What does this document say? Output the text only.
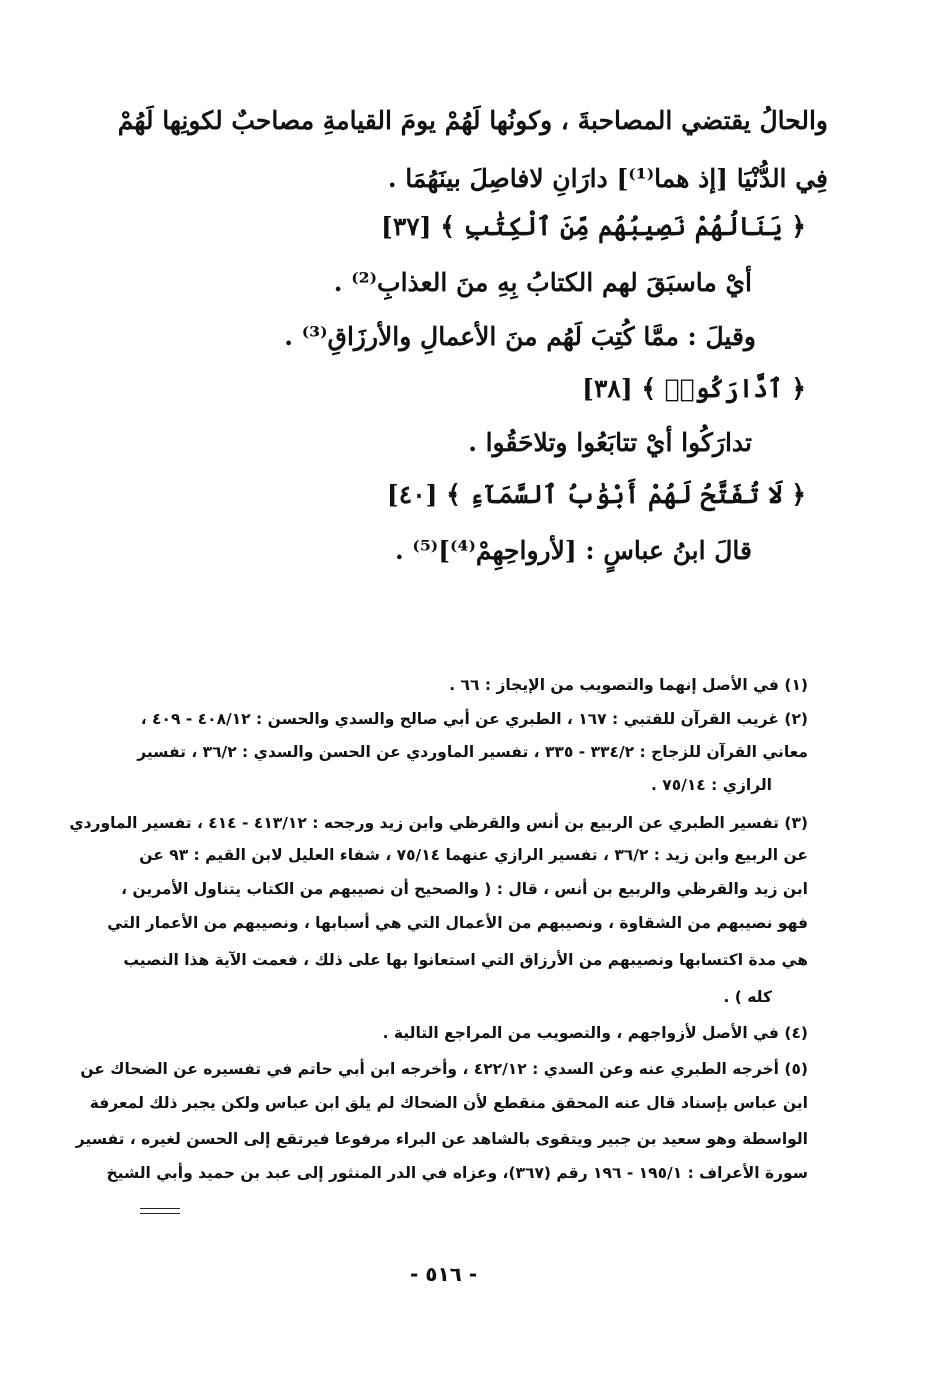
والحالُ يقتضي المصاحبةَ ، وكونُها لَهُمْ يومَ القيامةِ مصاحبٌ لكونِها لَهُمْ
فِي الدُّنْيَا [إذ هما⁽¹⁾] دارَانِ لافاصِلَ بينَهُمَا .
﴿ يَنَالُهُمْ نَصِيبُهُم مِّنَ ٱلْكِتَٰبِ ﴾ [٣٧]
أيْ ماسبَقَ لهم الكتابُ بِهِ منَ العذابِ⁽²⁾ .
وقيلَ : ممَّا كُتِبَ لَهُم منَ الأعمالِ والأرزَاقِ⁽³⁾ .
﴿ ٱدَّارَكُوا۟ ﴾ [٣٨]
تدارَكُوا أيْ تتابَعُوا وتلاحَقُوا .
﴿ لَا تُفَتَّحُ لَهُمْ أَبْوَٰبُ ٱلسَّمَآءِ ﴾ [٤٠]
قالَ ابنُ عباسٍ : [لأرواحِهِمْ⁽⁴⁾]⁽⁵⁾ .
(١) في الأصل إنهما والتصويب من الإيجاز : ٦٦ .
(٢) غريب القرآن للقتبي : ١٦٧ ، الطبري عن أبي صالح والسدي والحسن : ٤٠٨/١٢ - ٤٠٩ ،
معاني القرآن للزجاج : ٣٣٤/٢ - ٣٣٥ ، تفسير الماوردي عن الحسن والسدي : ٣٦/٢ ، تفسير
الرازي : ٧٥/١٤ .
(٣) تفسير الطبري عن الربيع بن أنس والقرظي وابن زيد ورجحه : ٤١٣/١٢ - ٤١٤ ، تفسير الماوردي
عن الربيع وابن زيد : ٣٦/٢ ، تفسير الرازي عنهما ٧٥/١٤ ، شفاء العليل لابن القيم : ٩٣ عن
ابن زيد والقرظي والربيع بن أنس ، قال : ( والصحيح أن نصيبهم من الكتاب يتناول الأمرين ،
فهو نصيبهم من الشقاوة ، ونصيبهم من الأعمال التي هي أسبابها ، ونصيبهم من الأعمار التي
هي مدة اكتسابها ونصيبهم من الأرزاق التي استعانوا بها على ذلك ، فعمت الآية هذا النصيب
كله ) .
(٤) في الأصل لأزواجهم ، والتصويب من المراجع التالية .
(٥) أخرجه الطبري عنه وعن السدي : ٤٢٢/١٢ ، وأخرجه ابن أبي حاتم في تفسيره عن الضحاك عن
ابن عباس بإسناد قال عنه المحقق منقطع لأن الضحاك لم يلق ابن عباس ولكن يجبر ذلك لمعرفة
الواسطة وهو سعيد بن جبير ويتقوى بالشاهد عن البراء مرفوعا فيرتقع إلى الحسن لغيره ، تفسير
سورة الأعراف : ١٩٥/١ - ١٩٦ رقم (٣٦٧)، وعزاه في الدر المنثور إلى عبد بن حميد وأبي الشيخ
- ٥١٦ -
